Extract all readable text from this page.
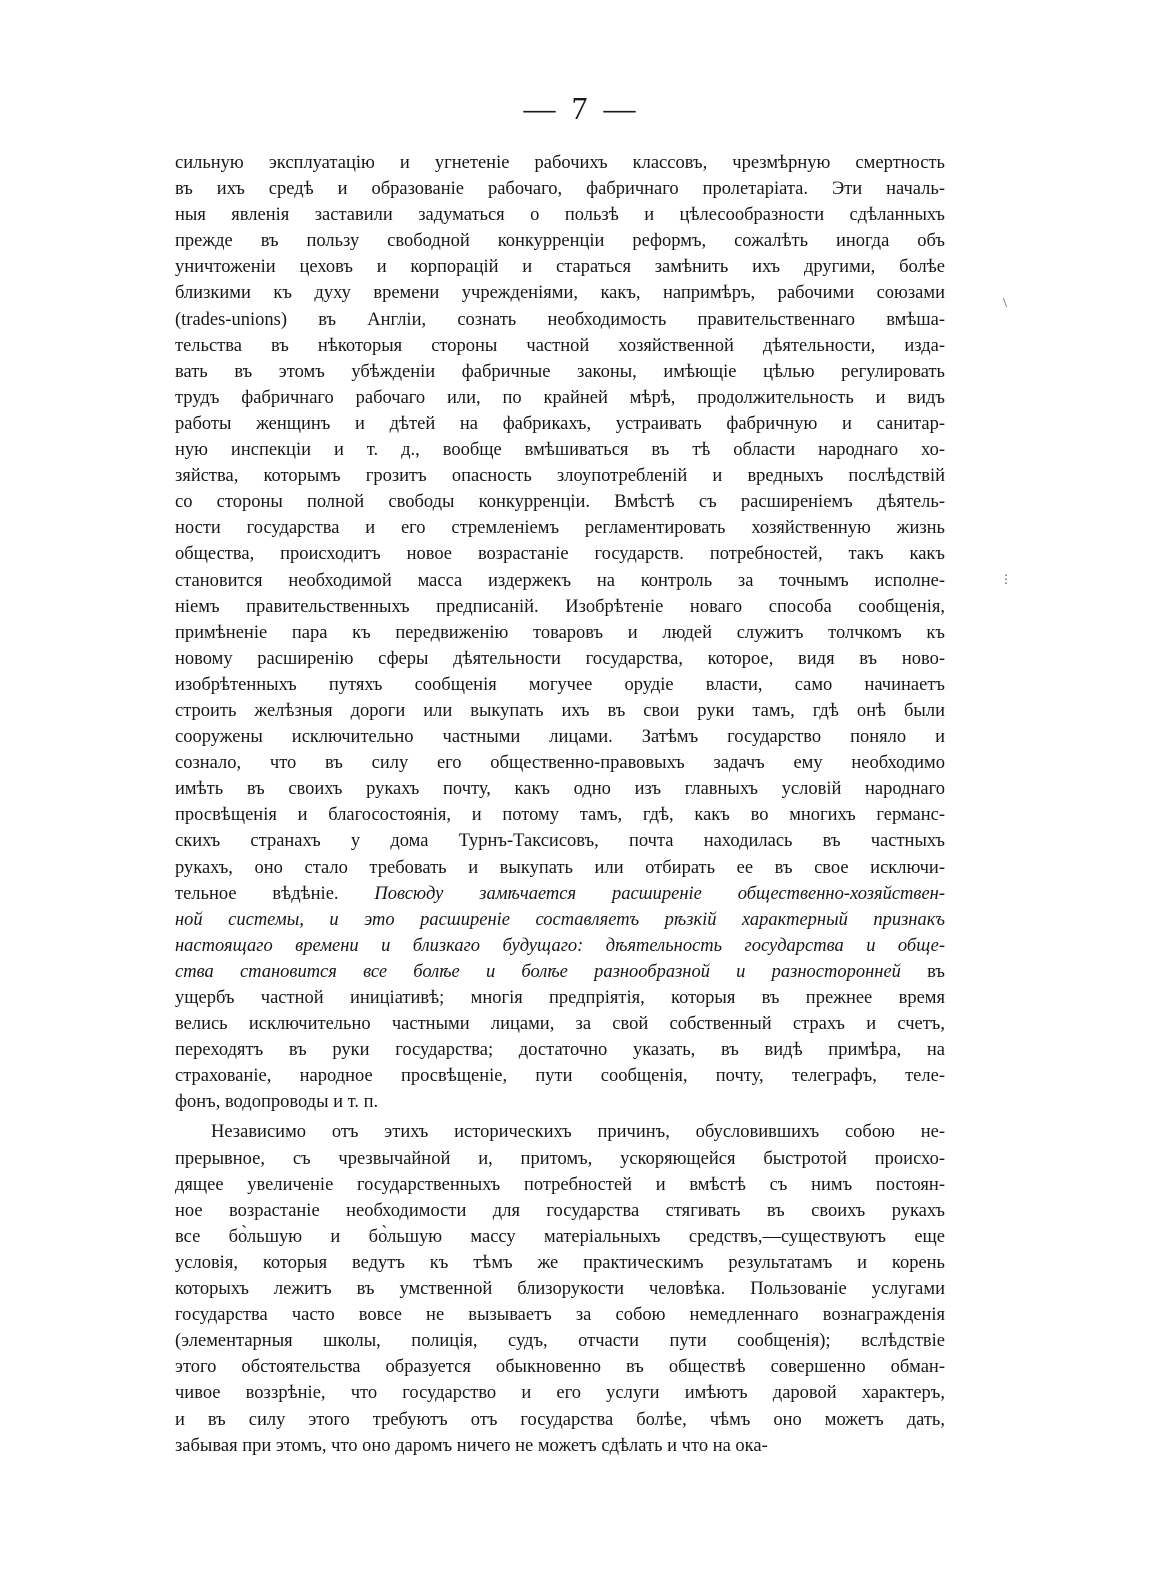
— 7 —
сильную эксплуатацію и угнетеніе рабочихъ классовъ, чрезмѣрную смертность
въ ихъ средѣ и образованіе рабочаго, фабричнаго пролетаріата. Эти началь-
ныя явленія заставили задуматься о пользѣ и цѣлесообразности сдѣланныхъ
прежде въ пользу свободной конкурренціи реформъ, сожалѣть иногда объ
уничтоженіи цеховъ и корпорацій и стараться замѣнить ихъ другими, болѣе
близкими къ духу времени учрежденіями, какъ, напримѣръ, рабочими союзами
(trades-unions) въ Англіи, сознать необходимость правительственнаго вмѣша-
тельства въ нѣкоторыя стороны частной хозяйственной дѣятельности, изда-
вать въ этомъ убѣжденіи фабричные законы, имѣющіе цѣлью регулировать
трудъ фабричнаго рабочаго или, по крайней мѣрѣ, продолжительность и видъ
работы женщинъ и дѣтей на фабрикахъ, устраивать фабричную и санитар-
ную инспекціи и т. д., вообще вмѣшиваться въ тѣ области народнаго хо-
зяйства, которымъ грозитъ опасность злоупотребленій и вредныхъ послѣдствій
со стороны полной свободы конкурренціи. Вмѣстѣ съ расширеніемъ дѣятель-
ности государства и его стремленіемъ регламентировать хозяйственную жизнь
общества, происходитъ новое возрастаніе государств. потребностей, такъ какъ
становится необходимой масса издержекъ на контроль за точнымъ исполне-
ніемъ правительственныхъ предписаній. Изобрѣтеніе новаго способа сообщенія,
примѣненіе пара къ передвиженію товаровъ и людей служитъ толчкомъ къ
новому расширенію сферы дѣятельности государства, которое, видя въ ново-
изобрѣтенныхъ путяхъ сообщенія могучее орудіе власти, само начинаетъ
строить желѣзныя дороги или выкупать ихъ въ свои руки тамъ, гдѣ онѣ были
сооружены исключительно частными лицами. Затѣмъ государство поняло и
сознало, что въ силу его общественно-правовыхъ задачъ ему необходимо
имѣть въ своихъ рукахъ почту, какъ одно изъ главныхъ условій народнаго
просвѣщенія и благосостоянія, и потому тамъ, гдѣ, какъ во многихъ германс-
скихъ странахъ у дома Турнъ-Таксисовъ, почта находилась въ частныхъ
рукахъ, оно стало требовать и выкупать или отбирать ее въ свое исключи-
тельное вѣдѣніе. Повсюду замѣчается расширеніе общественно-хозяйствен-
ной системы, и это расширеніе составляетъ рѣзкій характерный признакъ
настоящаго времени и близкаго будущаго: дѣятельность государства и обще-
ства становится все болѣе и болѣе разнообразной и разносторонней въ
ущербъ частной иниціативѣ; многія предпріятія, которыя въ прежнее время
велись исключительно частными лицами, за свой собственный страхъ и счетъ,
переходятъ въ руки государства; достаточно указать, въ видѣ примѣра, на
страхованіе, народное просвѣщеніе, пути сообщенія, почту, телеграфъ, теле-
фонъ, водопроводы и т. п.
Независимо отъ этихъ историческихъ причинъ, обусловившихъ собою не-
прерывное, съ чрезвычайной и, притомъ, ускоряющейся быстротой происхо-
дящее увеличеніе государственныхъ потребностей и вмѣстѣ съ нимъ постоян-
ное возрастаніе необходимости для государства стягивать въ своихъ рукахъ
все бо̀льшую и бо̀льшую массу матеріальныхъ средствъ,—существуютъ еще
условія, которыя ведутъ къ тѣмъ же практическимъ результатамъ и корень
которыхъ лежитъ въ умственной близорукости человѣка. Пользованіе услугами
государства часто вовсе не вызываетъ за собою немедленнаго вознагражденія
(элементарныя школы, полиція, судъ, отчасти пути сообщенія); вслѣдствіе
этого обстоятельства образуется обыкновенно въ обществѣ совершенно обман-
чивое воззрѣніе, что государство и его услуги имѣютъ даровой характеръ,
и въ силу этого требуютъ отъ государства болѣе, чѣмъ оно можетъ дать,
забывая при этомъ, что оно даромъ ничего не можетъ сдѣлать и что на ока-
\
⋮
